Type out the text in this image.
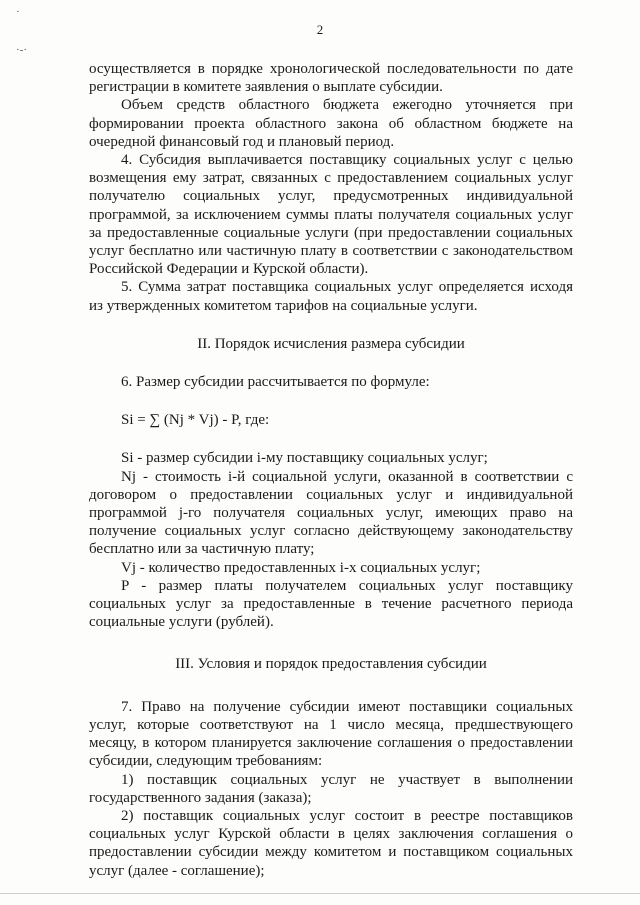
·
·-·
2

осуществляется в порядке хронологической последовательности по дате регистрации в комитете заявления о выплате субсидии.

Объем средств областного бюджета ежегодно уточняется при формировании проекта областного закона об областном бюджете на очередной финансовый год и плановый период.

4. Субсидия выплачивается поставщику социальных услуг с целью возмещения ему затрат, связанных с предоставлением социальных услуг получателю социальных услуг, предусмотренных индивидуальной программой, за исключением суммы платы получателя социальных услуг за предоставленные социальные услуги (при предоставлении социальных услуг бесплатно или частичную плату в соответствии с законодательством Российской Федерации и Курской области).

5. Сумма затрат поставщика социальных услуг определяется исходя из утвержденных комитетом тарифов на социальные услуги.

II. Порядок исчисления размера субсидии

6. Размер субсидии рассчитывается по формуле:

Si = ∑ (Nj * Vj) - P, где:

Si - размер субсидии i-му поставщику социальных услуг;

Nj - стоимость i-й социальной услуги, оказанной в соответствии с договором о предоставлении социальных услуг и индивидуальной программой j-го получателя социальных услуг, имеющих право на получение социальных услуг согласно действующему законодательству бесплатно или за частичную плату;

Vj - количество предоставленных i-х социальных услуг;

P - размер платы получателем социальных услуг поставщику социальных услуг за предоставленные в течение расчетного периода социальные услуги (рублей).

III. Условия и порядок предоставления субсидии

7. Право на получение субсидии имеют поставщики социальных услуг, которые соответствуют на 1 число месяца, предшествующего месяцу, в котором планируется заключение соглашения о предоставлении субсидии, следующим требованиям:

1) поставщик социальных услуг не участвует в выполнении государственного задания (заказа);

2) поставщик социальных услуг состоит в реестре поставщиков социальных услуг Курской области в целях заключения соглашения о предоставлении субсидии между комитетом и поставщиком социальных услуг (далее - соглашение);
